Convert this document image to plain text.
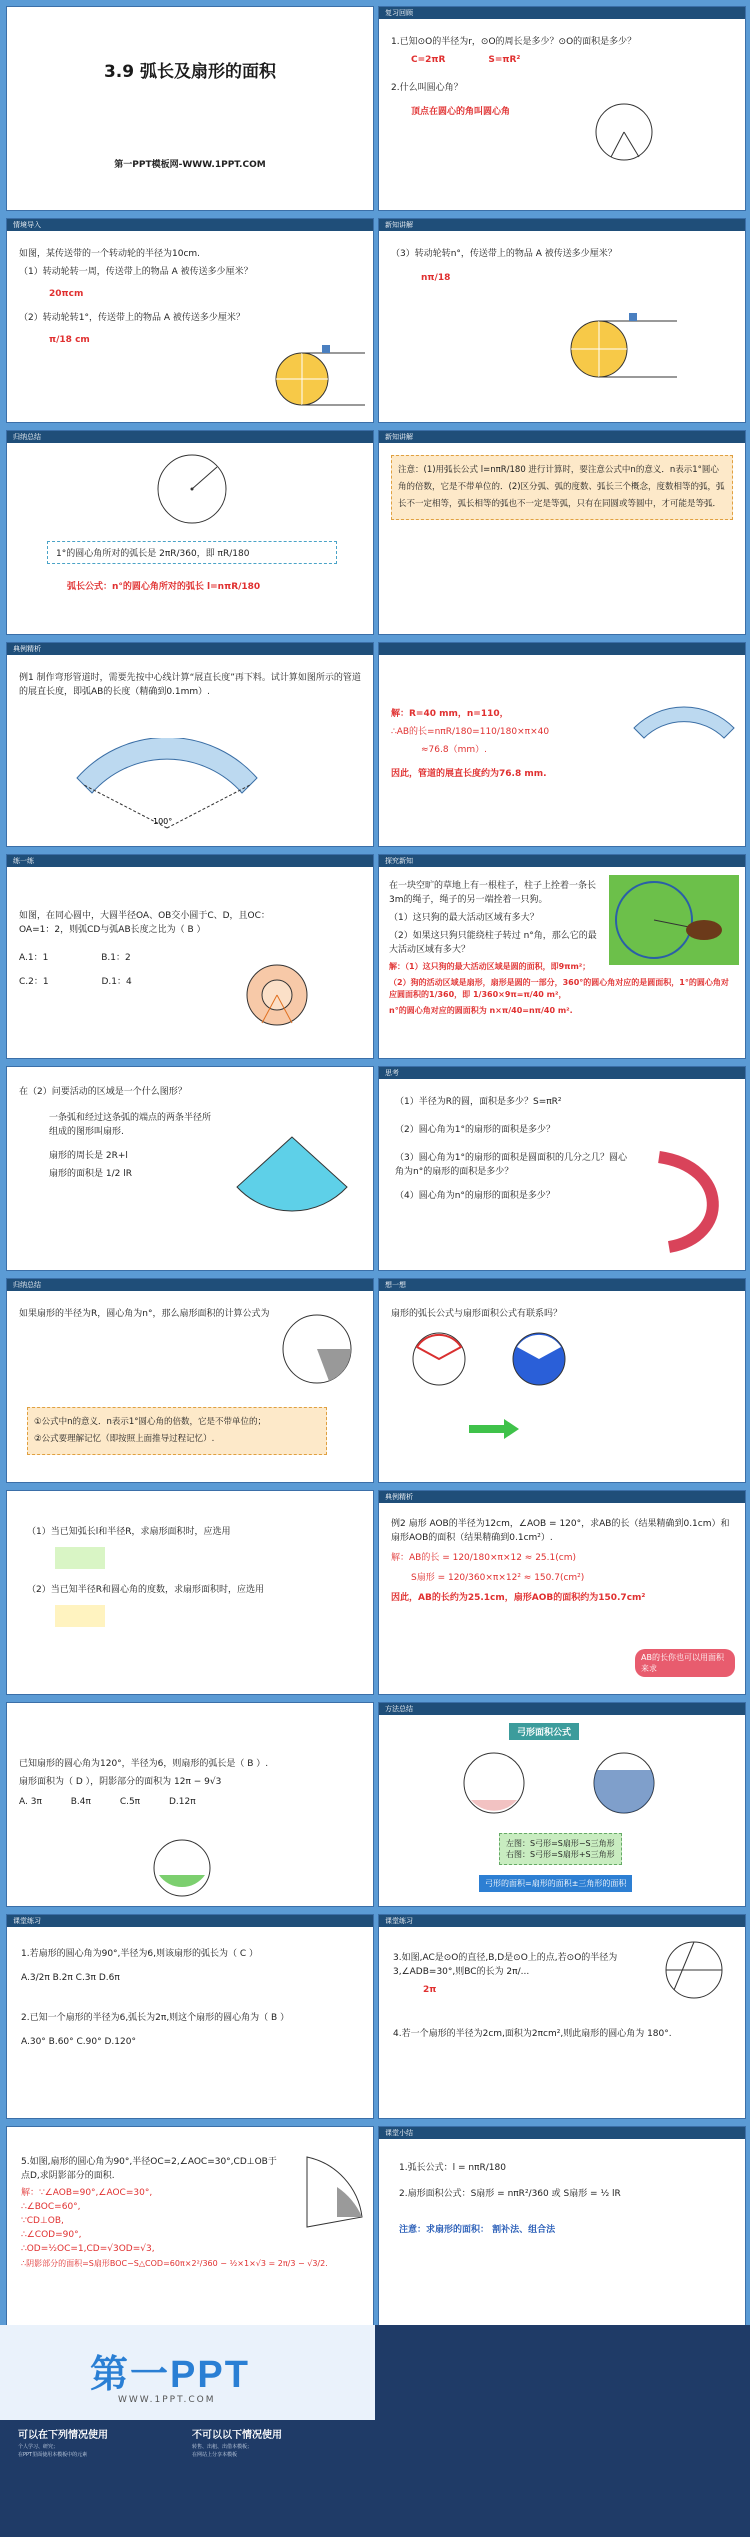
3.9 弧长及扇形的面积
第一PPT模板网-WWW.1PPT.COM
复习回顾
1.已知⊙O的半径为r，⊙O的周长是多少？⊙O的面积是多少？
C=2πR	S=πR²
2.什么叫圆心角？
顶点在圆心的角叫圆心角
情境导入
如图，某传送带的一个转动轮的半径为10cm.
（1）转动轮转一周，传送带上的物品 A 被传送多少厘米？
20πcm
（2）转动轮转1°，传送带上的物品 A 被传送多少厘米？
π/18 cm
新知讲解
（3）转动轮转n°，传送带上的物品 A 被传送多少厘米？
nπ/18
归纳总结
1°的圆心角所对的弧长是 2πR/360，即 πR/180
弧长公式：n°的圆心角所对的弧长 l=nπR/180
新知讲解
注意：(1)用弧长公式 l=nπR/180 进行计算时，要注意公式中n的意义．n表示1°圆心角的倍数，它是不带单位的．(2)区分弧、弧的度数、弧长三个概念，度数相等的弧，弧长不一定相等，弧长相等的弧也不一定是等弧，只有在同圆或等圆中，才可能是等弧．
典例精析
例1 制作弯形管道时，需要先按中心线计算“展直长度”再下料。试计算如图所示的管道的展直长度，即弧AB的长度（精确到0.1mm）.
100°
解：R=40 mm，n=110，
∴AB的长=nπR/180=110/180×π×40
≈76.8（mm）.
因此，管道的展直长度约为76.8 mm.
练一练
如图，在同心圆中，大圆半径OA、OB交小圆于C、D，且OC：OA=1：2，则弧CD与弧AB长度之比为（ B ）
A.1：1	B.1：2
C.2：1	D.1：4
探究新知
在一块空旷的草地上有一根柱子，柱子上拴着一条长3m的绳子，绳子的另一端拴着一只狗。
（1）这只狗的最大活动区域有多大？
（2）如果这只狗只能绕柱子转过 n°角，那么它的最大活动区域有多大？
解：（1）这只狗的最大活动区域是圆的面积，即9πm²；
（2）狗的活动区域是扇形，扇形是圆的一部分，360°的圆心角对应的是圆面积，1°的圆心角对应圆面积的1/360，即 1/360×9π=π/40 m²，
n°的圆心角对应的圆面积为 n×π/40=nπ/40 m².
在（2）问要活动的区域是一个什么图形？
一条弧和经过这条弧的端点的两条半径所组成的图形叫扇形.
扇形的周长是 2R+l
扇形的面积是 1/2 lR
思考
（1）半径为R的圆，面积是多少？S=πR²
（2）圆心角为1°的扇形的面积是多少？
（3）圆心角为1°的扇形的面积是圆面积的几分之几？圆心角为n°的扇形的面积是多少？
（4）圆心角为n°的扇形的面积是多少？
归纳总结
如果扇形的半径为R，圆心角为n°，那么扇形面积的计算公式为
①公式中n的意义．n表示1°圆心角的倍数，它是不带单位的；
②公式要理解记忆（即按照上面推导过程记忆）.
想一想
扇形的弧长公式与扇形面积公式有联系吗？
（1）当已知弧长l和半径R，求扇形面积时，应选用
（2）当已知半径R和圆心角的度数，求扇形面积时，应选用
典例精析
例2 扇形 AOB的半径为12cm，∠AOB = 120°，求AB的长（结果精确到0.1cm）和扇形AOB的面积（结果精确到0.1cm²）.
解：AB的长 = 120/180×π×12 ≈ 25.1(cm)
S扇形 = 120/360×π×12² ≈ 150.7(cm²)
因此，AB的长约为25.1cm，扇形AOB的面积约为150.7cm²
AB的长你也可以用面积来求
已知扇形的圆心角为120°，半径为6，则扇形的弧长是（ B ）.
扇形面积为（ D ），阴影部分的面积为 12π − 9√3
A. 3π	B.4π	C.5π	D.12π
方法总结
弓形面积公式
左图：S弓形=S扇形−S三角形
右图：S弓形=S扇形+S三角形
弓形的面积=扇形的面积±三角形的面积
课堂练习
1.若扇形的圆心角为90°,半径为6,则该扇形的弧长为（ C ）
A.3/2π B.2π C.3π D.6π
2.已知一个扇形的半径为6,弧长为2π,则这个扇形的圆心角为（ B ）
A.30° B.60° C.90° D.120°
课堂练习
3.如图,AC是⊙O的直径,B,D是⊙O上的点,若⊙O的半径为3,∠ADB=30°,则BC的长为 2π/...
2π
4.若一个扇形的半径为2cm,面积为2πcm²,则此扇形的圆心角为 180°.
5.如图,扇形的圆心角为90°,半径OC=2,∠AOC=30°,CD⊥OB于点D,求阴影部分的面积.
解：∵∠AOB=90°,∠AOC=30°,
∴∠BOC=60°,
∵CD⊥OB,
∴∠COD=90°,
∴OD=½OC=1,CD=√3OD=√3,
∴阴影部分的面积=S扇形BOC−S△COD=60π×2²/360 − ½×1×√3 = 2π/3 − √3/2.
课堂小结
1.弧长公式：l = nπR/180
2.扇形面积公式：S扇形 = nπR²/360 或 S扇形 = ½ lR
注意：求扇形的面积： 割补法、组合法
第一PPT
WWW.1PPT.COM
可以在下列情况使用
个人学习、研究；
在PPT里面使用本模板中的元素
不可以以下情况使用
转售、出租、出借本模板；
在网站上分享本模板
